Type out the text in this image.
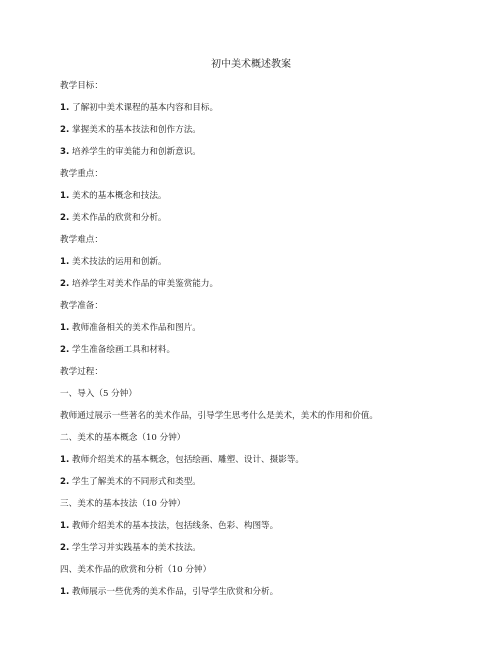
初中美术概述教案
教学目标：
1. 了解初中美术课程的基本内容和目标。
2. 掌握美术的基本技法和创作方法。
3. 培养学生的审美能力和创新意识。
教学重点：
1. 美术的基本概念和技法。
2. 美术作品的欣赏和分析。
教学难点：
1. 美术技法的运用和创新。
2. 培养学生对美术作品的审美鉴赏能力。
教学准备：
1. 教师准备相关的美术作品和图片。
2. 学生准备绘画工具和材料。
教学过程：
一、导入（5 分钟）
教师通过展示一些著名的美术作品，引导学生思考什么是美术，美术的作用和价值。
二、美术的基本概念（10 分钟）
1. 教师介绍美术的基本概念，包括绘画、雕塑、设计、摄影等。
2. 学生了解美术的不同形式和类型。
三、美术的基本技法（10 分钟）
1. 教师介绍美术的基本技法，包括线条、色彩、构图等。
2. 学生学习并实践基本的美术技法。
四、美术作品的欣赏和分析（10 分钟）
1. 教师展示一些优秀的美术作品，引导学生欣赏和分析。
